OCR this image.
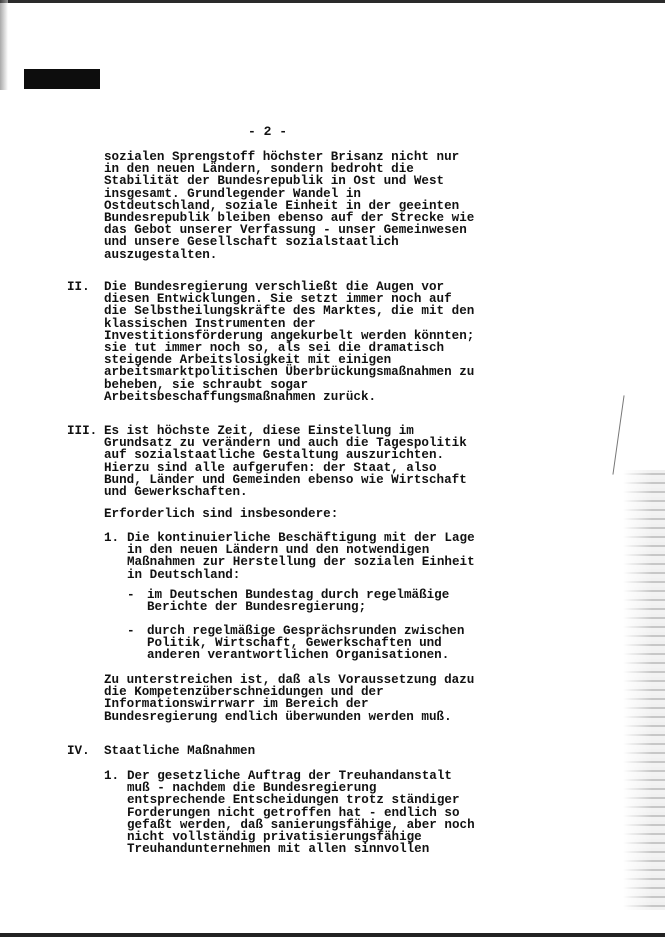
- 2 -
sozialen Sprengstoff höchster Brisanz nicht nur
in den neuen Ländern, sondern bedroht die
Stabilität der Bundesrepublik in Ost und West
insgesamt. Grundlegender Wandel in
Ostdeutschland, soziale Einheit in der geeinten
Bundesrepublik bleiben ebenso auf der Strecke wie
das Gebot unserer Verfassung - unser Gemeinwesen
und unsere Gesellschaft sozialstaatlich
auszugestalten.
II. Die Bundesregierung verschließt die Augen vor
diesen Entwicklungen. Sie setzt immer noch auf
die Selbstheilungskräfte des Marktes, die mit den
klassischen Instrumenten der
Investitionsförderung angekurbelt werden könnten;
sie tut immer noch so, als sei die dramatisch
steigende Arbeitslosigkeit mit einigen
arbeitsmarktpolitischen Überbrückungsmaßnahmen zu
beheben, sie schraubt sogar
Arbeitsbeschaffungsmaßnahmen zurück.
III. Es ist höchste Zeit, diese Einstellung im
Grundsatz zu verändern und auch die Tagespolitik
auf sozialstaatliche Gestaltung auszurichten.
Hierzu sind alle aufgerufen: der Staat, also
Bund, Länder und Gemeinden ebenso wie Wirtschaft
und Gewerkschaften.
Erforderlich sind insbesondere:
1. Die kontinuierliche Beschäftigung mit der Lage
in den neuen Ländern und den notwendigen
Maßnahmen zur Herstellung der sozialen Einheit
in Deutschland:
- im Deutschen Bundestag durch regelmäßige
Berichte der Bundesregierung;
- durch regelmäßige Gesprächsrunden zwischen
Politik, Wirtschaft, Gewerkschaften und
anderen verantwortlichen Organisationen.
Zu unterstreichen ist, daß als Voraussetzung dazu
die Kompetenzüberschneidungen und der
Informationswirrwarr im Bereich der
Bundesregierung endlich überwunden werden muß.
IV. Staatliche Maßnahmen
1. Der gesetzliche Auftrag der Treuhandanstalt
muß - nachdem die Bundesregierung
entsprechende Entscheidungen trotz ständiger
Forderungen nicht getroffen hat - endlich so
gefaßt werden, daß sanierungsfähige, aber noch
nicht vollständig privatisierungsfähige
Treuhandunternehmen mit allen sinnvollen
